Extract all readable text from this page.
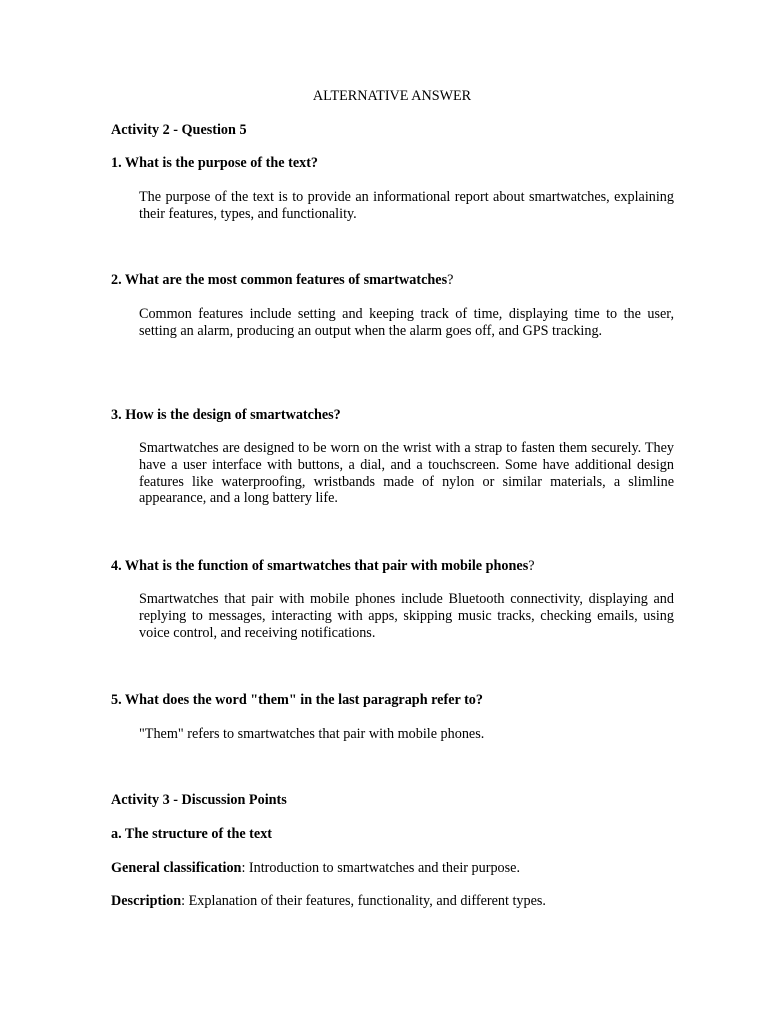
ALTERNATIVE ANSWER
Activity 2 - Question 5
1. What is the purpose of the text?
The purpose of the text is to provide an informational report about smartwatches, explaining their features, types, and functionality.
2. What are the most common features of smartwatches?
Common features include setting and keeping track of time, displaying time to the user, setting an alarm, producing an output when the alarm goes off, and GPS tracking.
3. How is the design of smartwatches?
Smartwatches are designed to be worn on the wrist with a strap to fasten them securely. They have a user interface with buttons, a dial, and a touchscreen. Some have additional design features like waterproofing, wristbands made of nylon or similar materials, a slimline appearance, and a long battery life.
4. What is the function of smartwatches that pair with mobile phones?
Smartwatches that pair with mobile phones include Bluetooth connectivity, displaying and replying to messages, interacting with apps, skipping music tracks, checking emails, using voice control, and receiving notifications.
5. What does the word "them" in the last paragraph refer to?
"Them" refers to smartwatches that pair with mobile phones.
Activity 3 - Discussion Points
a. The structure of the text
General classification: Introduction to smartwatches and their purpose.
Description: Explanation of their features, functionality, and different types.
